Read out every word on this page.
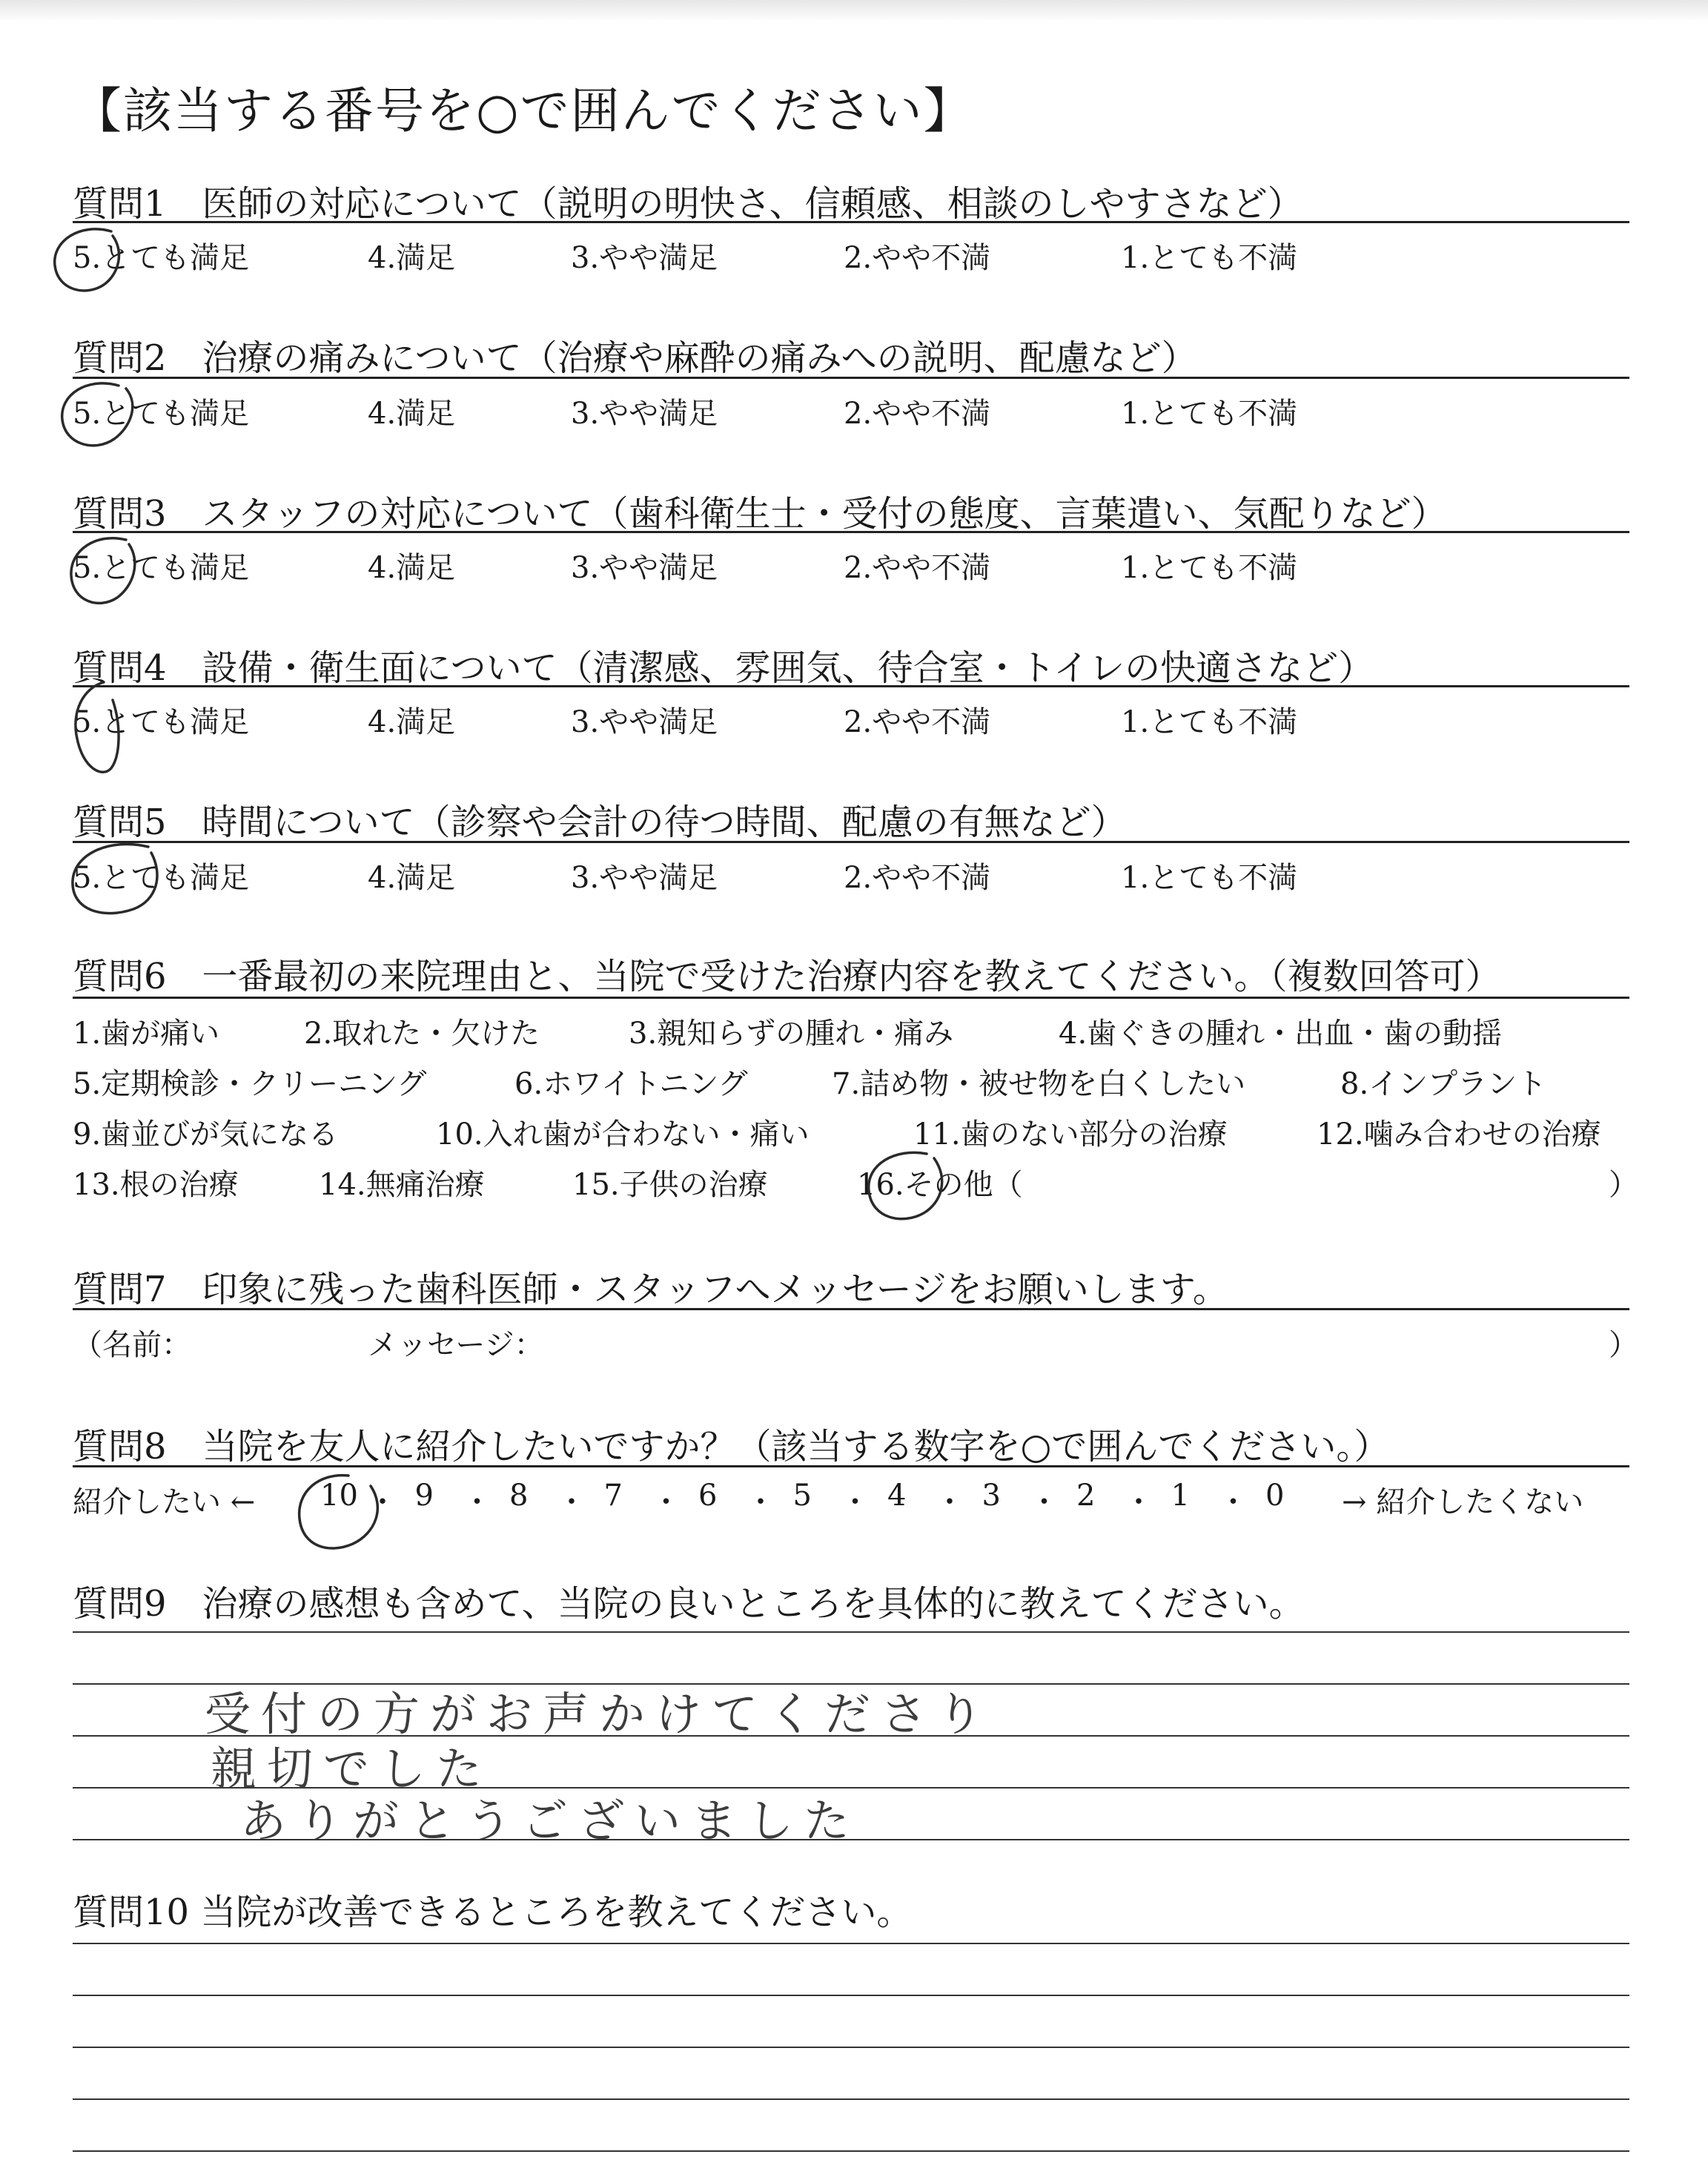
【該当する番号を○で囲んでください】
質問1　医師の対応について（説明の明快さ、信頼感、相談のしやすさなど）
5.とても満足	4.満足	3.やや満足	2.やや不満	1.とても不満
質問2　治療の痛みについて（治療や麻酔の痛みへの説明、配慮など）
5.とても満足	4.満足	3.やや満足	2.やや不満	1.とても不満
質問3　スタッフの対応について（歯科衛生士・受付の態度、言葉遣い、気配りなど）
5.とても満足	4.満足	3.やや満足	2.やや不満	1.とても不満
質問4　設備・衛生面について（清潔感、雰囲気、待合室・トイレの快適さなど）
5.とても満足	4.満足	3.やや満足	2.やや不満	1.とても不満
質問5　時間について（診察や会計の待つ時間、配慮の有無など）
5.とても満足	4.満足	3.やや満足	2.やや不満	1.とても不満
質問6　一番最初の来院理由と、当院で受けた治療内容を教えてください。（複数回答可）
1.歯が痛い	2.取れた・欠けた	3.親知らずの腫れ・痛み	4.歯ぐきの腫れ・出血・歯の動揺
5.定期検診・クリーニング	6.ホワイトニング	7.詰め物・被せ物を白くしたい	8.インプラント
9.歯並びが気になる	10.入れ歯が合わない・痛い	11.歯のない部分の治療	12.噛み合わせの治療
13.根の治療	14.無痛治療	15.子供の治療	16.その他（	）
質問7　印象に残った歯科医師・スタッフへメッセージをお願いします。
（名前：	メッセージ：	）
質問8　当院を友人に紹介したいですか？（該当する数字を○で囲んでください。）
紹介したい ← 10 ・ 9 ・ 8 ・ 7 ・ 6 ・ 5 ・ 4 ・ 3 ・ 2 ・ 1 ・ 0 → 紹介したくない
質問9　治療の感想も含めて、当院の良いところを具体的に教えてください。
受付の方がお声かけてくださり
親切でした
ありがとうございました
質問10 当院が改善できるところを教えてください。
